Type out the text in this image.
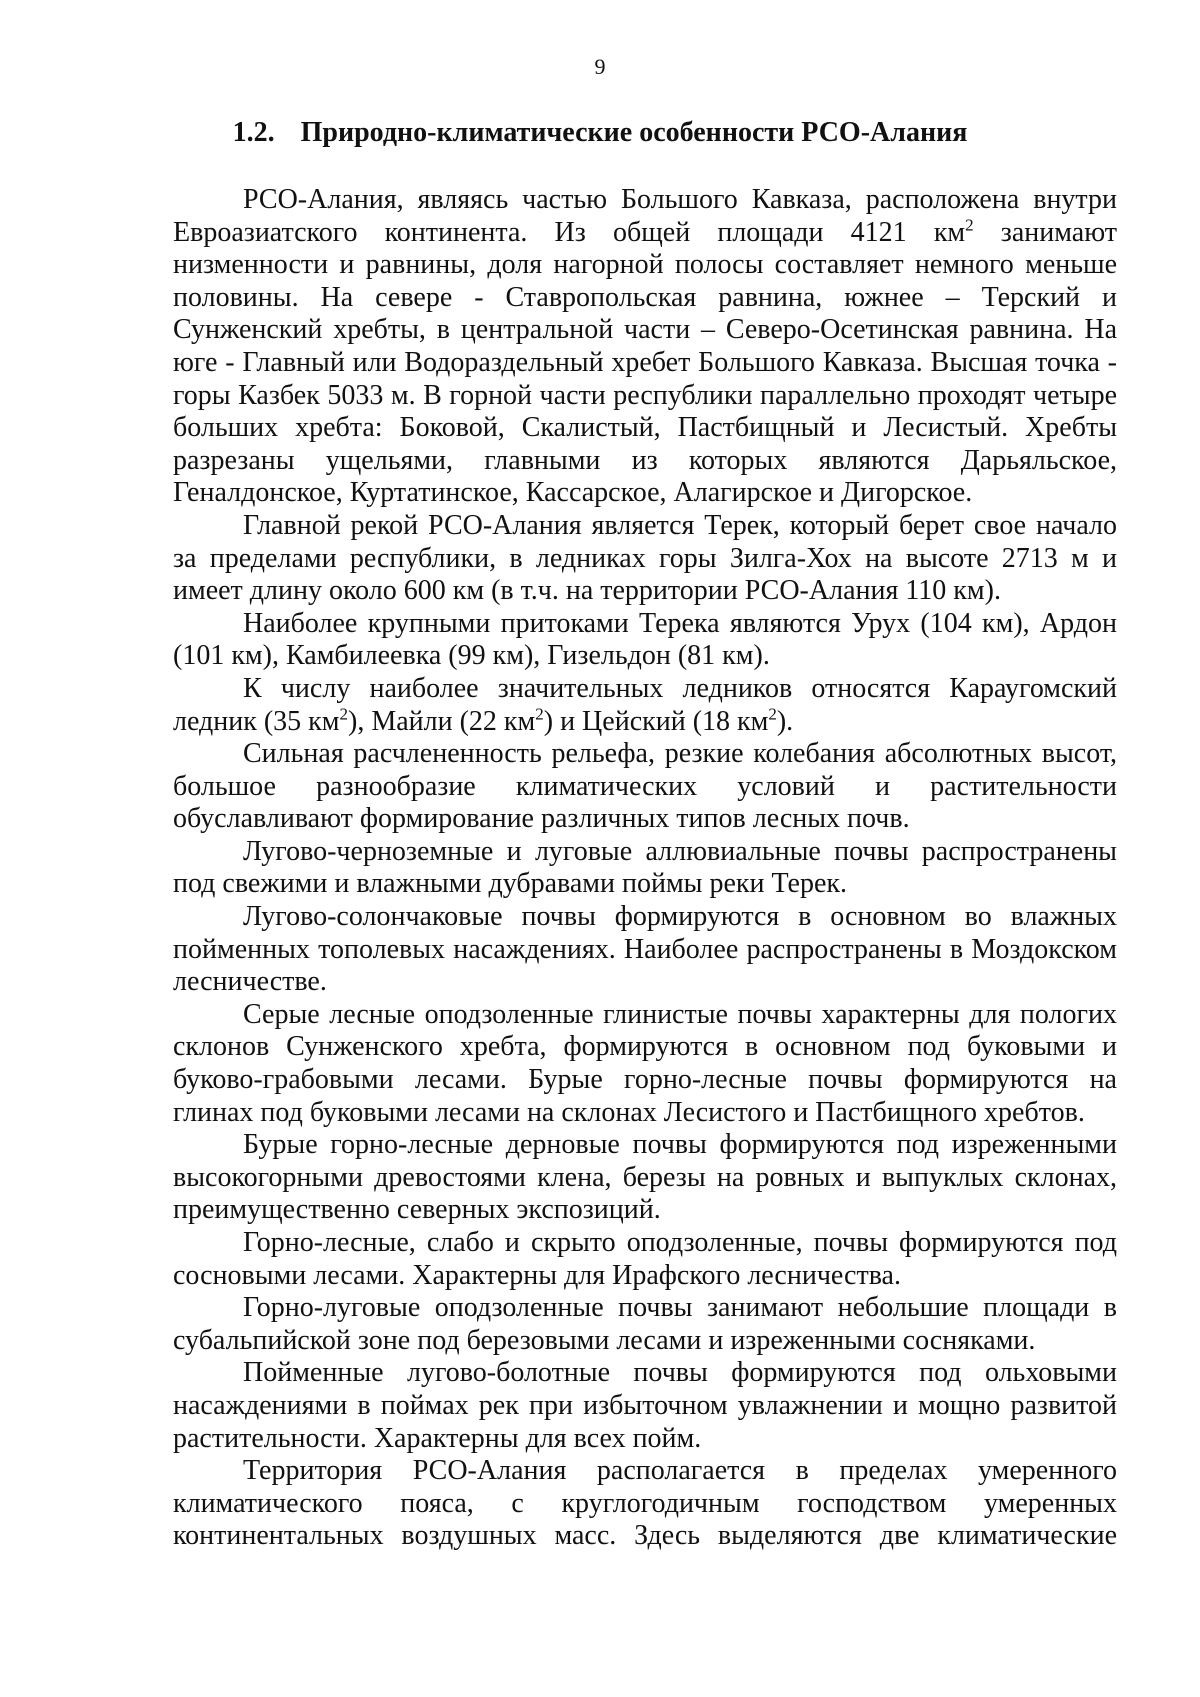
9
1.2. Природно-климатические особенности РСО-Алания

РСО-Алания, являясь частью Большого Кавказа, расположена внутри Евроазиатского континента. Из общей площади 4121 $км^2$ занимают низменности и равнины, доля нагорной полосы составляет немного меньше половины. На севере - Ставропольская равнина, южнее – Терский и Сунженский хребты, в центральной части – Северо-Осетинская равнина. На юге - Главный или Водораздельный хребет Большого Кавказа. Высшая точка - горы Казбек 5033 м. В горной части республики параллельно проходят четыре больших хребта: Боковой, Скалистый, Пастбищный и Лесистый. Хребты разрезаны ущельями, главными из которых являются Дарьяльское, Геналдонское, Куртатинское, Кассарское, Алагирское и Дигорское.

Главной рекой РСО-Алания является Терек, который берет свое начало за пределами республики, в ледниках горы Зилга-Хох на высоте 2713 м и имеет длину около 600 км (в т.ч. на территории РСО-Алания 110 км).

Наиболее крупными притоками Терека являются Урух (104 км), Ардон (101 км), Камбилеевка (99 км), Гизельдон (81 км).

К числу наиболее значительных ледников относятся Караугомский ледник (35 $км^2$), Майли (22 $км^2$) и Цейский (18 $км^2$).

Сильная расчлененность рельефа, резкие колебания абсолютных высот, большое разнообразие климатических условий и растительности обуславливают формирование различных типов лесных почв.

Лугово-черноземные и луговые аллювиальные почвы распространены под свежими и влажными дубравами поймы реки Терек.

Лугово-солончаковые почвы формируются в основном во влажных пойменных тополевых насаждениях. Наиболее распространены в Моздокском лесничестве.

Серые лесные оподзоленные глинистые почвы характерны для пологих склонов Сунженского хребта, формируются в основном под буковыми и буково-грабовыми лесами. Бурые горно-лесные почвы формируются на глинах под буковыми лесами на склонах Лесистого и Пастбищного хребтов.

Бурые горно-лесные дерновые почвы формируются под изреженными высокогорными древостоями клена, березы на ровных и выпуклых склонах, преимущественно северных экспозиций.

Горно-лесные, слабо и скрыто оподзоленные, почвы формируются под сосновыми лесами. Характерны для Ирафского лесничества.

Горно-луговые оподзоленные почвы занимают небольшие площади в субальпийской зоне под березовыми лесами и изреженными сосняками.

Пойменные лугово-болотные почвы формируются под ольховыми насаждениями в поймах рек при избыточном увлажнении и мощно развитой растительности. Характерны для всех пойм.

Территория РСО-Алания располагается в пределах умеренного климатического пояса, с круглогодичным господством умеренных континентальных воздушных масс. Здесь выделяются две климатические
